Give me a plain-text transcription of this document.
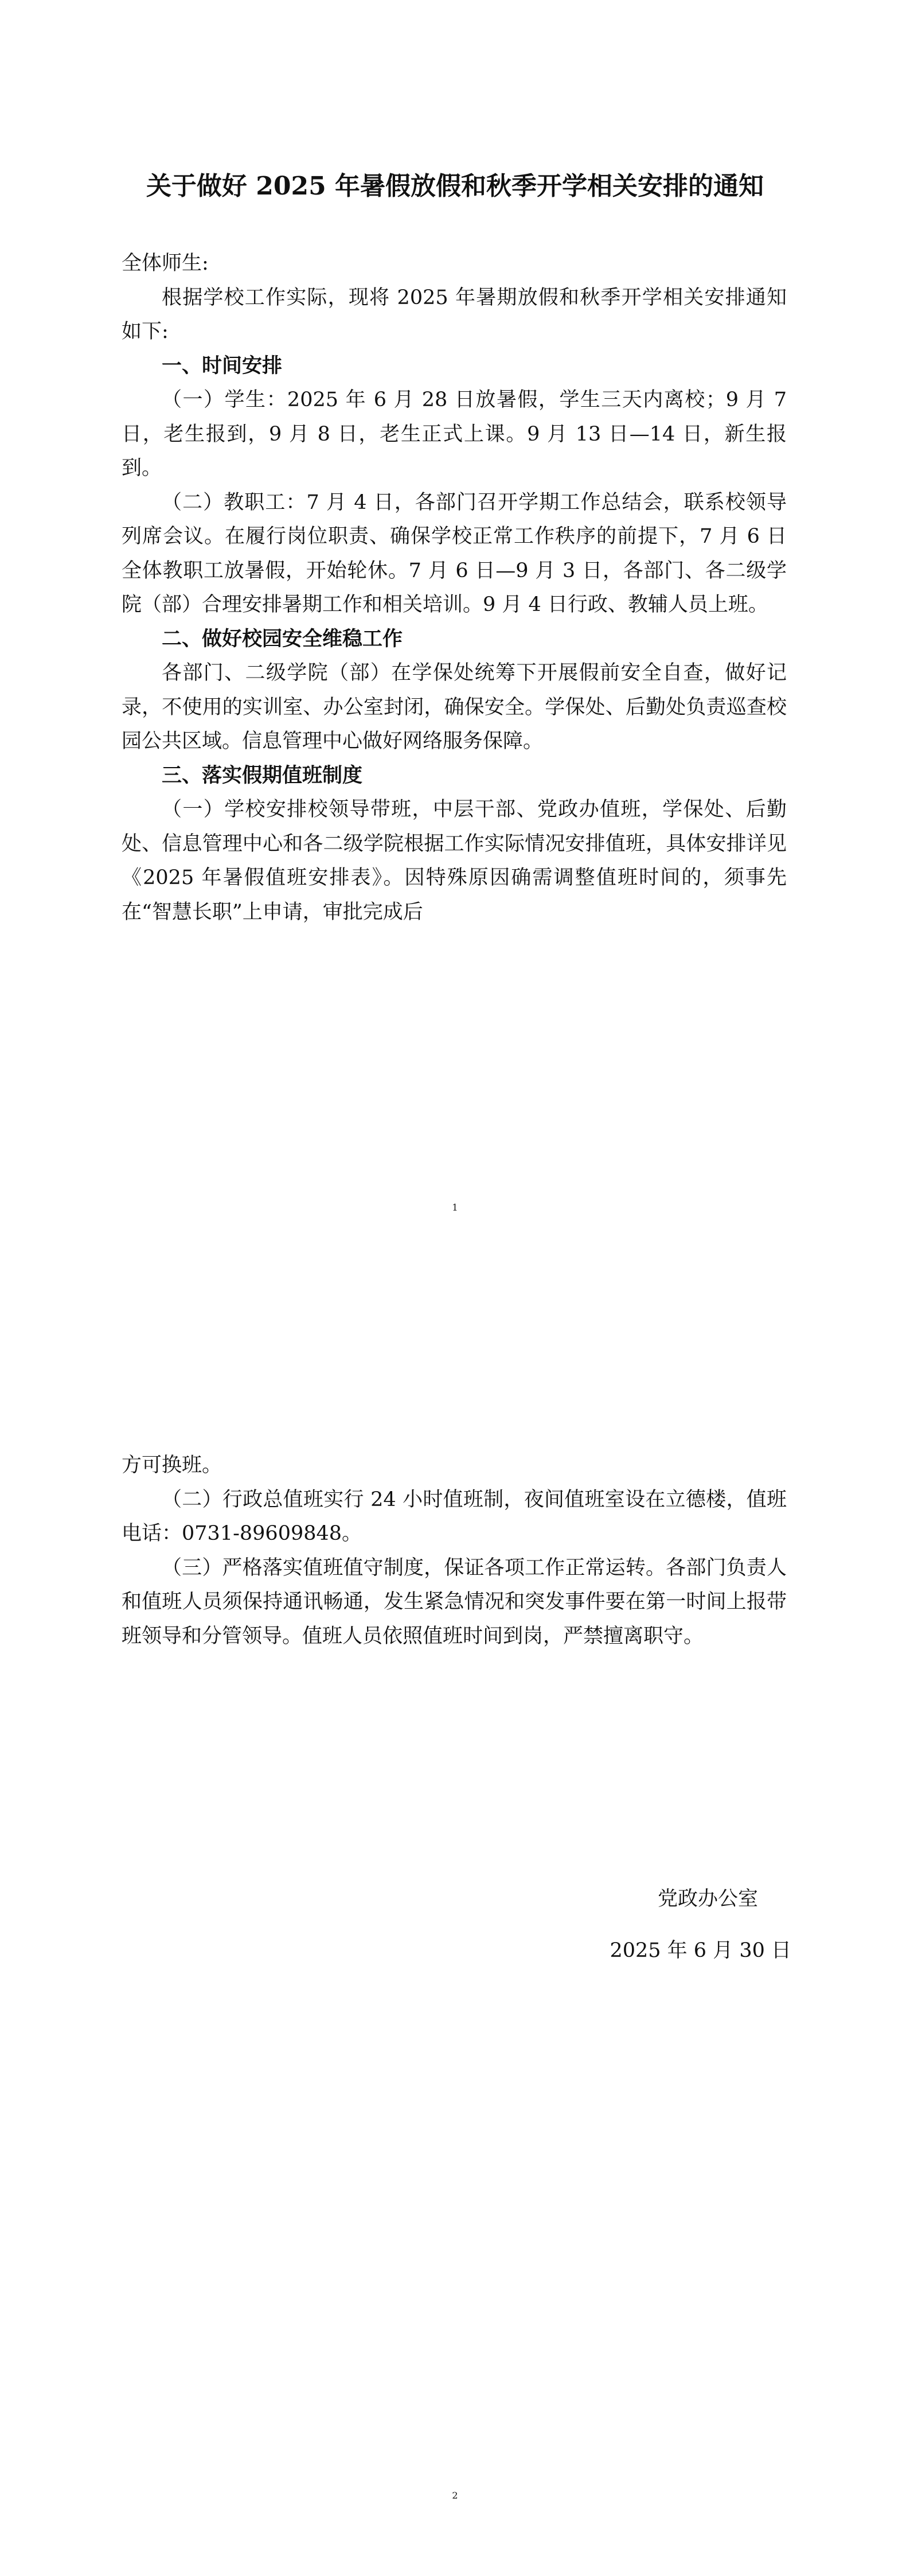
关于做好 2025 年暑假放假和秋季开学相关安排的通知

全体师生:

根据学校工作实际，现将 2025 年暑期放假和秋季开学相关安排通知如下:

一、时间安排

（一）学生：2025 年 6 月 28 日放暑假，学生三天内离校；9 月 7 日，老生报到，9 月 8 日，老生正式上课。9 月 13 日—14 日，新生报到。

（二）教职工：7 月 4 日，各部门召开学期工作总结会，联系校领导列席会议。在履行岗位职责、确保学校正常工作秩序的前提下，7 月 6 日全体教职工放暑假，开始轮休。7 月 6 日—9 月 3 日，各部门、各二级学院（部）合理安排暑期工作和相关培训。9 月 4 日行政、教辅人员上班。

二、做好校园安全维稳工作

各部门、二级学院（部）在学保处统筹下开展假前安全自查，做好记录，不使用的实训室、办公室封闭，确保安全。学保处、后勤处负责巡查校园公共区域。信息管理中心做好网络服务保障。

三、落实假期值班制度

（一）学校安排校领导带班，中层干部、党政办值班，学保处、后勤处、信息管理中心和各二级学院根据工作实际情况安排值班，具体安排详见《2025 年暑假值班安排表》。因特殊原因确需调整值班时间的，须事先在“智慧长职”上申请，审批完成后

1

方可换班。

（二）行政总值班实行 24 小时值班制，夜间值班室设在立德楼，值班电话：0731-89609848。

（三）严格落实值班值守制度，保证各项工作正常运转。各部门负责人和值班人员须保持通讯畅通，发生紧急情况和突发事件要在第一时间上报带班领导和分管领导。值班人员依照值班时间到岗，严禁擅离职守。

党政办公室
2025 年 6 月 30 日
2
